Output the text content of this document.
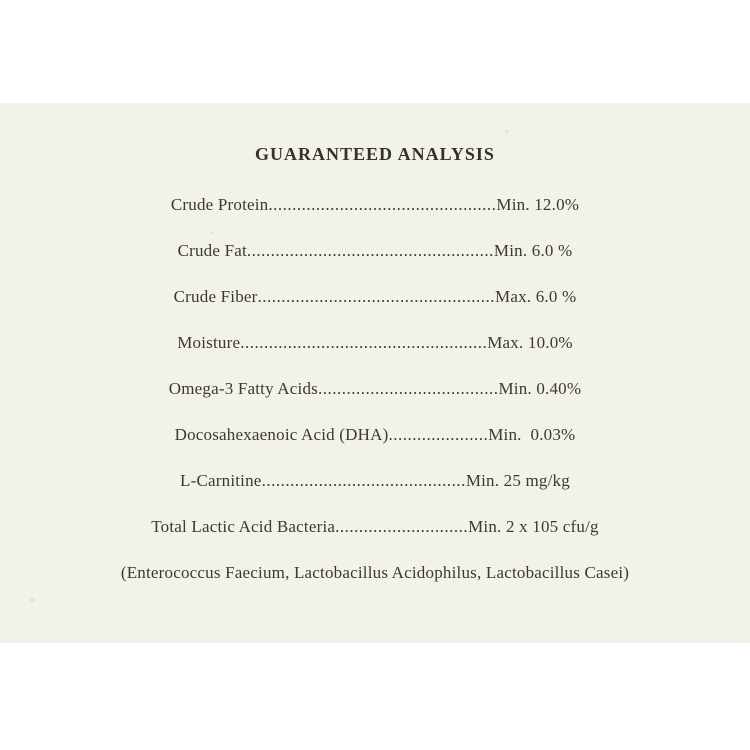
GUARANTEED ANALYSIS
Crude Protein................................................Min. 12.0%
Crude Fat....................................................Min. 6.0 %
Crude Fiber..................................................Max. 6.0 %
Moisture....................................................Max. 10.0%
Omega-3 Fatty Acids......................................Min. 0.40%
Docosahexaenoic Acid (DHA).....................Min.  0.03%
L-Carnitine...........................................Min. 25 mg/kg
Total Lactic Acid Bacteria............................Min. 2 x 105 cfu/g
(Enterococcus Faecium, Lactobacillus Acidophilus, Lactobacillus Casei)
